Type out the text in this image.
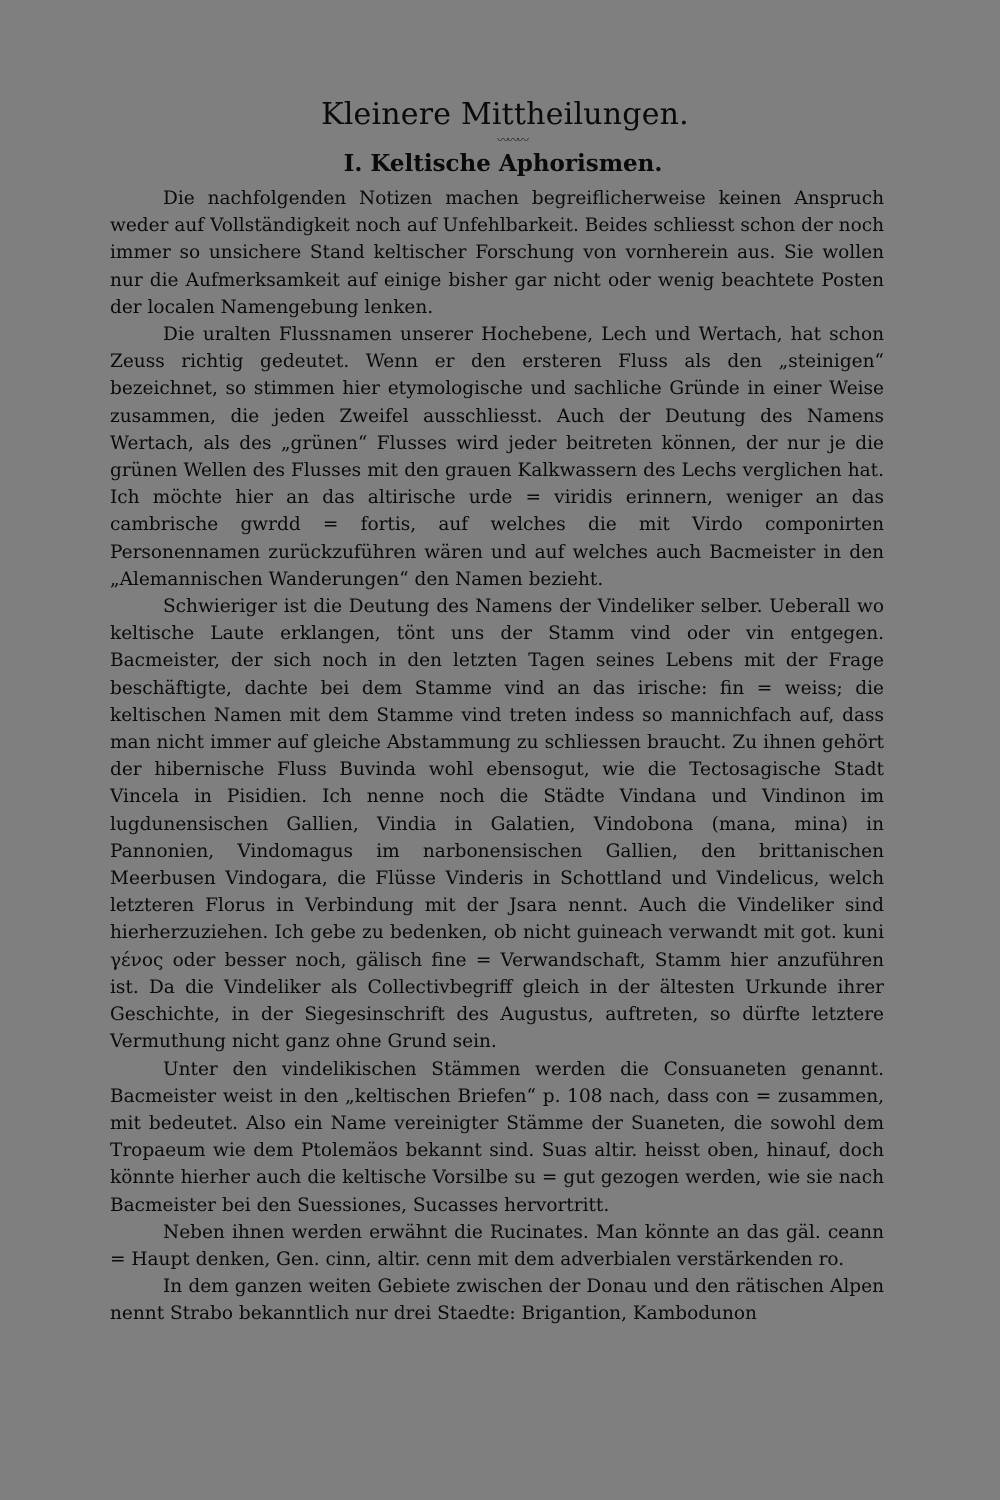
Kleinere Mittheilungen.
〰〰〰
I. Keltische Aphorismen.

Die nachfolgenden Notizen machen begreiflicherweise keinen Anspruch weder auf Vollständigkeit noch auf Unfehlbarkeit. Beides schliesst schon der noch immer so unsichere Stand keltischer Forschung von vornherein aus. Sie wollen nur die Aufmerksamkeit auf einige bisher gar nicht oder wenig beachtete Posten der localen Namengebung lenken.

Die uralten Flussnamen unserer Hochebene, Lech und Wertach, hat schon Zeuss richtig gedeutet. Wenn er den ersteren Fluss als den „steinigen“ bezeichnet, so stimmen hier etymologische und sachliche Gründe in einer Weise zusammen, die jeden Zweifel ausschliesst. Auch der Deutung des Namens Wertach, als des „grünen“ Flusses wird jeder beitreten können, der nur je die grünen Wellen des Flusses mit den grauen Kalkwassern des Lechs verglichen hat. Ich möchte hier an das altirische urde = viridis erinnern, weniger an das cambrische gwrdd = fortis, auf welches die mit Virdo componirten Personennamen zurückzuführen wären und auf welches auch Bacmeister in den „Alemannischen Wanderungen“ den Namen bezieht.

Schwieriger ist die Deutung des Namens der Vindeliker selber. Ueberall wo keltische Laute erklangen, tönt uns der Stamm vind oder vin entgegen. Bacmeister, der sich noch in den letzten Tagen seines Lebens mit der Frage beschäftigte, dachte bei dem Stamme vind an das irische: fin = weiss; die keltischen Namen mit dem Stamme vind treten indess so mannichfach auf, dass man nicht immer auf gleiche Abstammung zu schliessen braucht. Zu ihnen gehört der hibernische Fluss Buvinda wohl ebensogut, wie die Tectosagische Stadt Vincela in Pisidien. Ich nenne noch die Städte Vindana und Vindinon im lugdunensischen Gallien, Vindia in Galatien, Vindobona (mana, mina) in Pannonien, Vindomagus im narbonensischen Gallien, den brittanischen Meerbusen Vindogara, die Flüsse Vinderis in Schottland und Vindelicus, welch letzteren Florus in Verbindung mit der Jsara nennt. Auch die Vindeliker sind hierherzuziehen. Ich gebe zu bedenken, ob nicht guineach verwandt mit got. kuni γένος oder besser noch, gälisch fine = Verwandschaft, Stamm hier anzuführen ist. Da die Vindeliker als Collectivbegriff gleich in der ältesten Urkunde ihrer Geschichte, in der Siegesinschrift des Augustus, auftreten, so dürfte letztere Vermuthung nicht ganz ohne Grund sein.

Unter den vindelikischen Stämmen werden die Consuaneten genannt. Bacmeister weist in den „keltischen Briefen“ p. 108 nach, dass con = zusammen, mit bedeutet. Also ein Name vereinigter Stämme der Suaneten, die sowohl dem Tropaeum wie dem Ptolemäos bekannt sind. Suas altir. heisst oben, hinauf, doch könnte hierher auch die keltische Vorsilbe su = gut gezogen werden, wie sie nach Bacmeister bei den Suessiones, Sucasses hervortritt.

Neben ihnen werden erwähnt die Rucinates. Man könnte an das gäl. ceann = Haupt denken, Gen. cinn, altir. cenn mit dem adverbialen verstärkenden ro.

In dem ganzen weiten Gebiete zwischen der Donau und den rätischen Alpen nennt Strabo bekanntlich nur drei Staedte: Brigantion, Kambodunon
